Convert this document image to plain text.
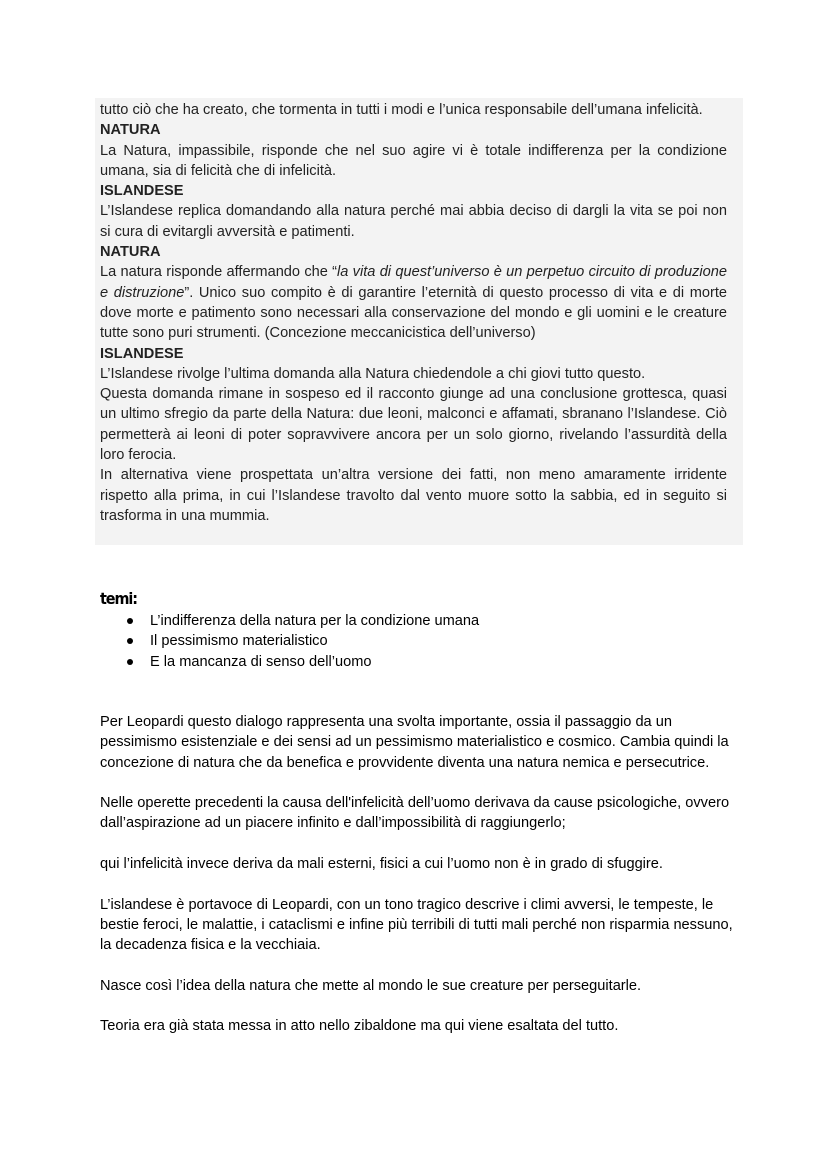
tutto ciò che ha creato, che tormenta in tutti i modi e l’unica responsabile dell’umana infelicità.

NATURA

La Natura, impassibile, risponde che nel suo agire vi è totale indifferenza per la condizione umana, sia di felicità che di infelicità.

ISLANDESE

L’Islandese replica domandando alla natura perché mai abbia deciso di dargli la vita se poi non si cura di evitargli avversità e patimenti.

NATURA

La natura risponde affermando che “la vita di quest’universo è un perpetuo circuito di produzione e distruzione”. Unico suo compito è di garantire l’eternità di questo processo di vita e di morte dove morte e patimento sono necessari alla conservazione del mondo e gli uomini e le creature tutte sono puri strumenti. (Concezione meccanicistica dell’universo)

ISLANDESE

L’Islandese rivolge l’ultima domanda alla Natura chiedendole a chi giovi tutto questo.

Questa domanda rimane in sospeso ed il racconto giunge ad una conclusione grottesca, quasi un ultimo sfregio da parte della Natura: due leoni, malconci e affamati, sbranano l’Islandese. Ciò permetterà ai leoni di poter sopravvivere ancora per un solo giorno, rivelando l’assurdità della loro ferocia.

In alternativa viene prospettata un’altra versione dei fatti, non meno amaramente irridente rispetto alla prima, in cui l’Islandese travolto dal vento muore sotto la sabbia, ed in seguito si trasforma in una mummia.

temi:
L’indifferenza della natura per la condizione umana
Il pessimismo materialistico
E la mancanza di senso dell’uomo

Per Leopardi questo dialogo rappresenta una svolta importante, ossia il passaggio da un pessimismo esistenziale e dei sensi ad un pessimismo materialistico e cosmico. Cambia quindi la concezione di natura che da benefica e provvidente diventa una natura nemica e persecutrice.

Nelle operette precedenti la causa dell'infelicità dell’uomo derivava da cause psicologiche, ovvero dall’aspirazione ad un piacere infinito e dall’impossibilità di raggiungerlo;

qui l’infelicità invece deriva da mali esterni, fisici a cui l’uomo non è in grado di sfuggire.

L’islandese è portavoce di Leopardi, con un tono tragico descrive i climi avversi, le tempeste, le bestie feroci, le malattie, i cataclismi e infine più terribili di tutti mali perché non risparmia nessuno, la decadenza fisica e la vecchiaia.

Nasce così l’idea della natura che mette al mondo le sue creature per perseguitarle.

Teoria era già stata messa in atto nello zibaldone ma qui viene esaltata del tutto.
